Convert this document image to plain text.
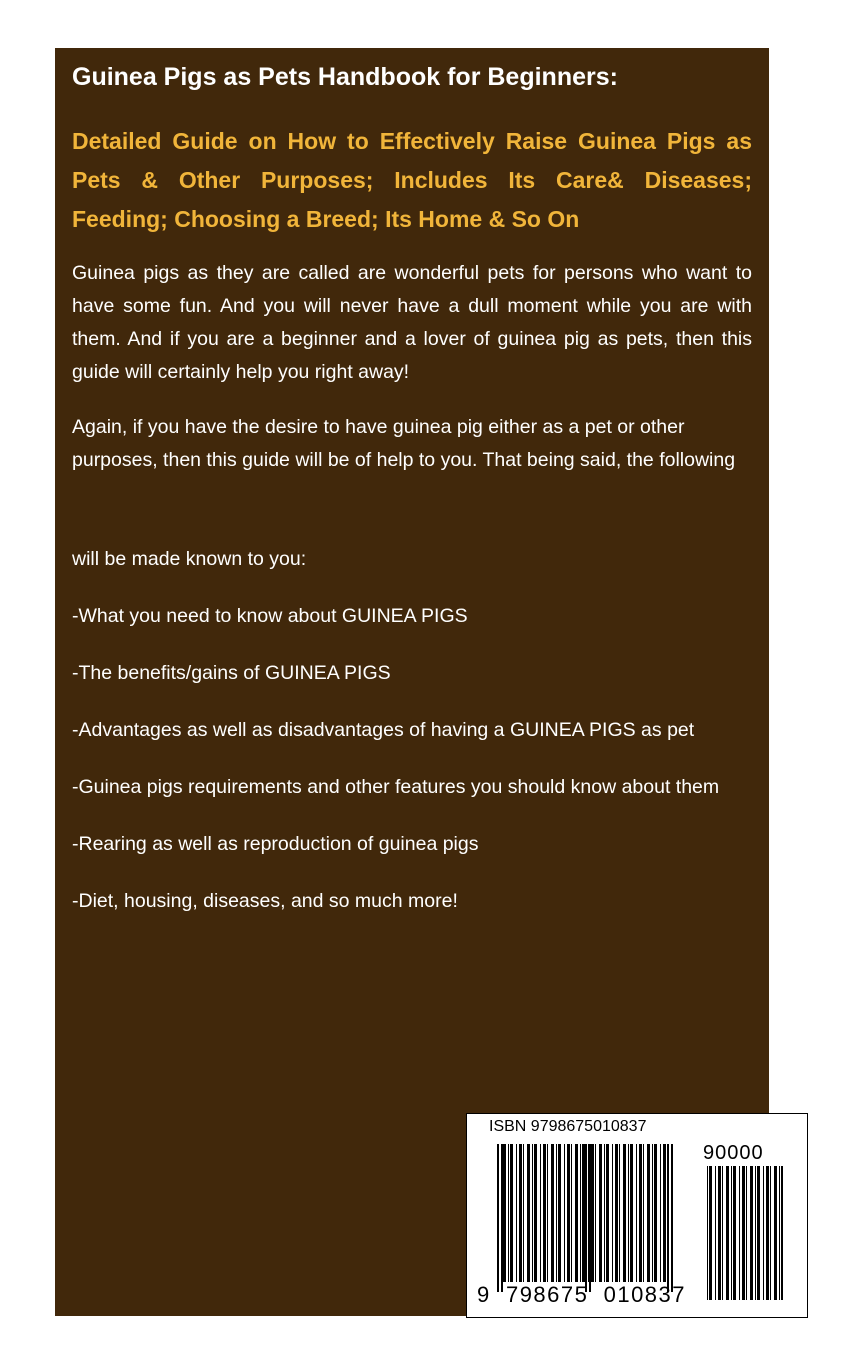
Guinea Pigs as Pets Handbook for Beginners:
Detailed Guide on How to Effectively Raise Guinea Pigs as Pets & Other Purposes; Includes Its Care& Diseases; Feeding; Choosing a Breed; Its Home & So On
Guinea pigs as they are called are wonderful pets for persons who want to have some fun. And you will never have a dull moment while you are with them. And if you are a beginner and a lover of guinea pig as pets, then this guide will certainly help you right away!
Again, if you have the desire to have guinea pig either as a pet or other purposes, then this guide will be of help to you. That being said, the following
will be made known to you:
-What you need to know about GUINEA PIGS
-The benefits/gains of GUINEA PIGS
-Advantages as well as disadvantages of having a GUINEA PIGS as pet
-Guinea pigs requirements and other features you should know about them
-Rearing as well as reproduction of guinea pigs
-Diet, housing, diseases, and so much more!
ISBN 9798675010837
90000
9  798675  010837
